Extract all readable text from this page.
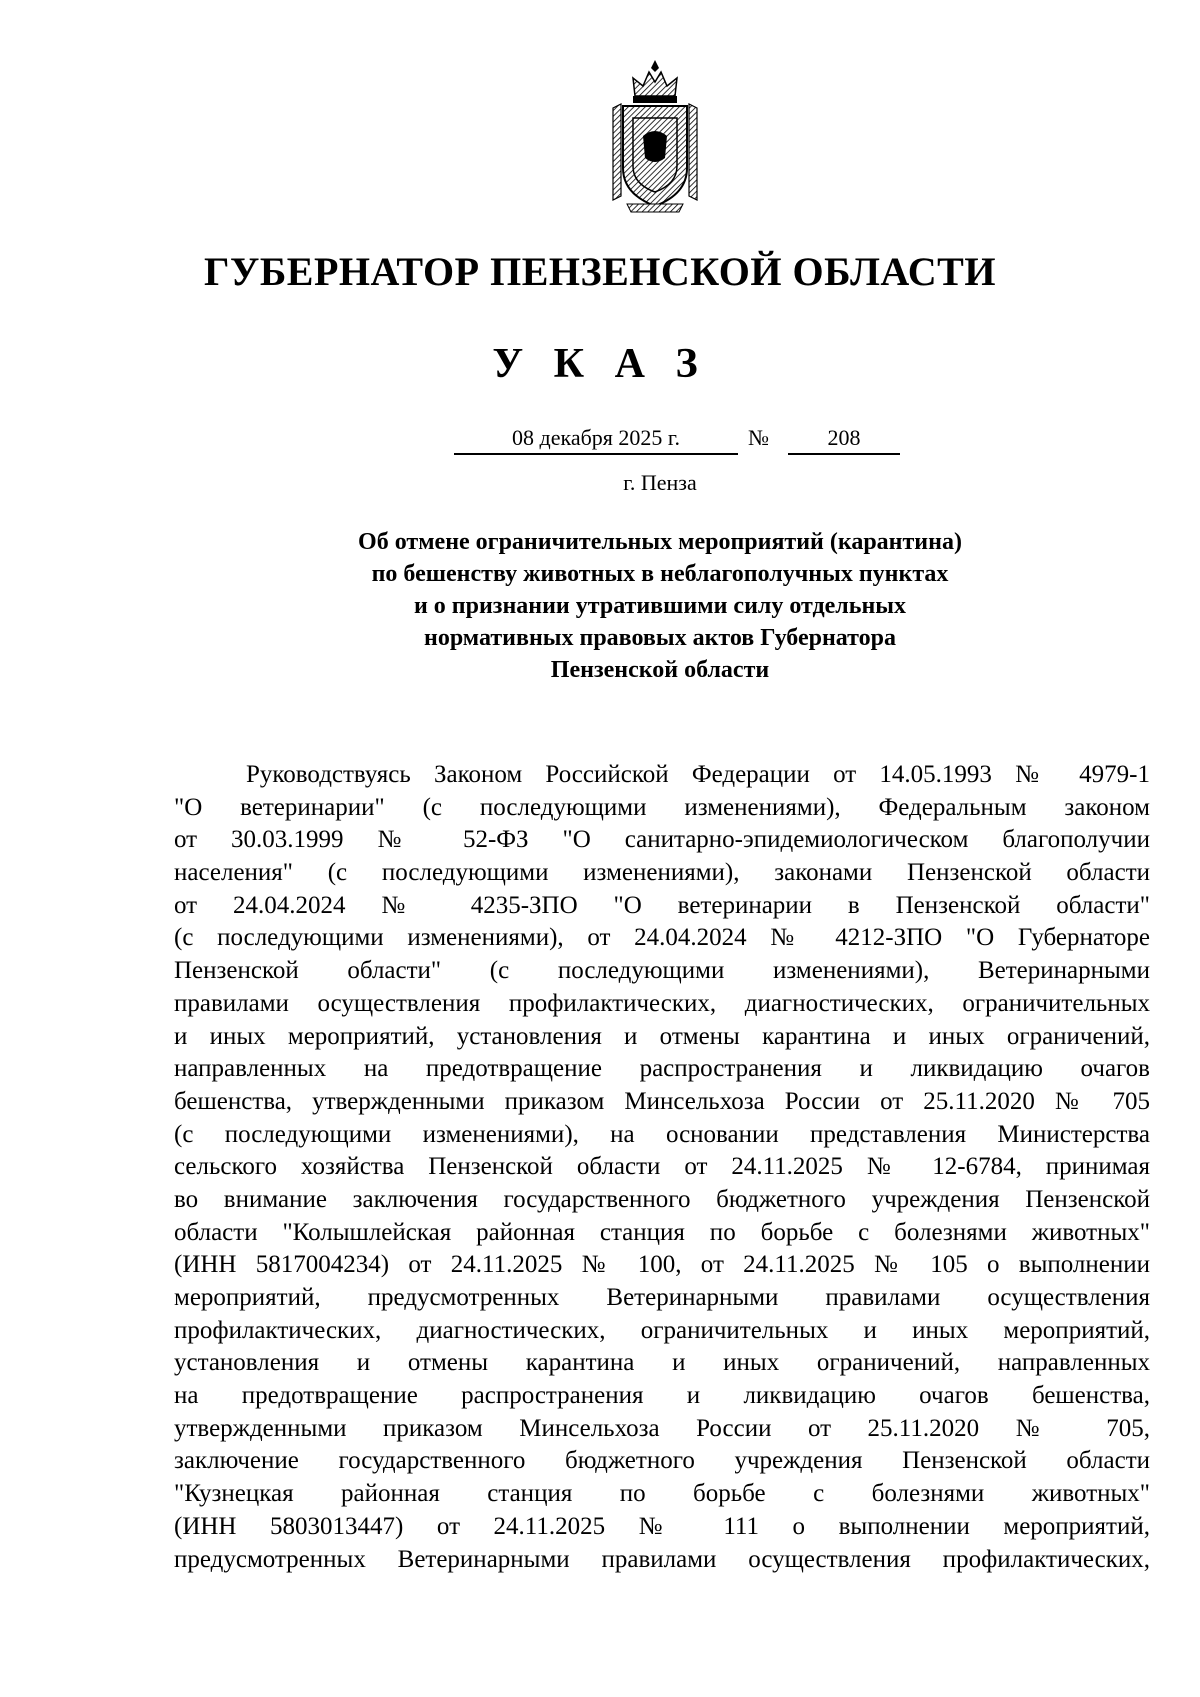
ГУБЕРНАТОР ПЕНЗЕНСКОЙ ОБЛАСТИ
У К А З
08 декабря 2025 г.	№	208
г. Пенза
Об отмене ограничительных мероприятий (карантина)
по бешенству животных в неблагополучных пунктах
и о признании утратившими силу отдельных
нормативных правовых актов Губернатора
Пензенской области
Руководствуясь Законом Российской Федерации от 14.05.1993 № 4979-1
"О ветеринарии" (с последующими изменениями), Федеральным законом
от 30.03.1999 № 52-ФЗ "О санитарно-эпидемиологическом благополучии
населения" (с последующими изменениями), законами Пензенской области
от 24.04.2024 № 4235-ЗПО "О ветеринарии в Пензенской области"
(с последующими изменениями), от 24.04.2024 № 4212-ЗПО "О Губернаторе
Пензенской области" (с последующими изменениями), Ветеринарными
правилами осуществления профилактических, диагностических, ограничительных
и иных мероприятий, установления и отмены карантина и иных ограничений,
направленных на предотвращение распространения и ликвидацию очагов
бешенства, утвержденными приказом Минсельхоза России от 25.11.2020 № 705
(с последующими изменениями), на основании представления Министерства
сельского хозяйства Пензенской области от 24.11.2025 № 12-6784, принимая
во внимание заключения государственного бюджетного учреждения Пензенской
области "Колышлейская районная станция по борьбе с болезнями животных"
(ИНН 5817004234) от 24.11.2025 № 100, от 24.11.2025 № 105 о выполнении
мероприятий, предусмотренных Ветеринарными правилами осуществления
профилактических, диагностических, ограничительных и иных мероприятий,
установления и отмены карантина и иных ограничений, направленных
на предотвращение распространения и ликвидацию очагов бешенства,
утвержденными приказом Минсельхоза России от 25.11.2020 № 705,
заключение государственного бюджетного учреждения Пензенской области
"Кузнецкая районная станция по борьбе с болезнями животных"
(ИНН 5803013447) от 24.11.2025 № 111 о выполнении мероприятий,
предусмотренных Ветеринарными правилами осуществления профилактических,
